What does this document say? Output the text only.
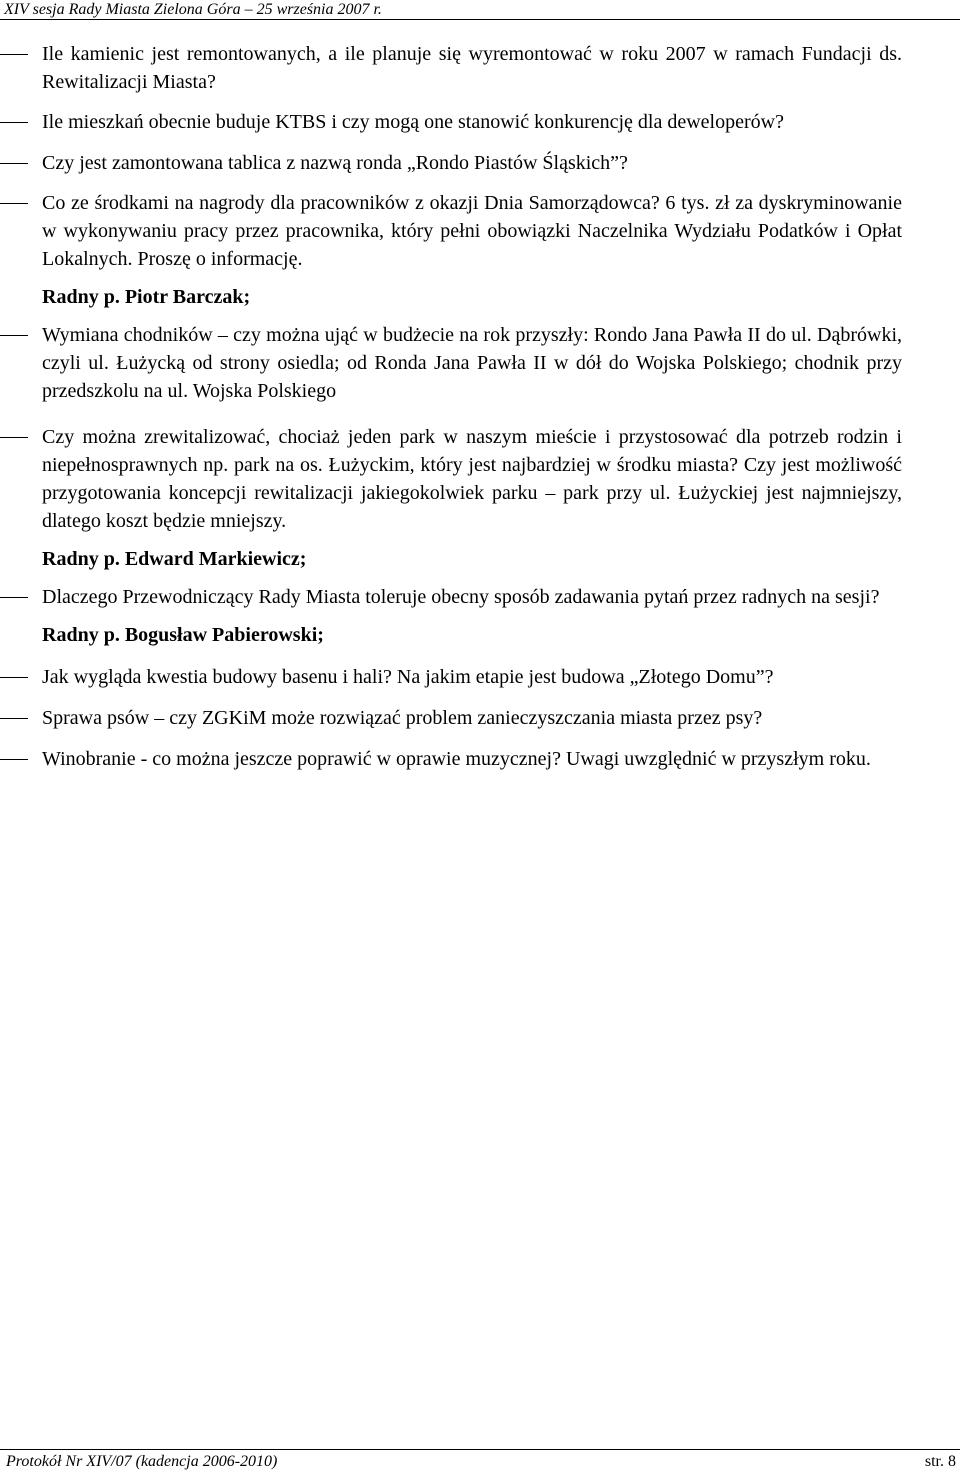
XIV sesja Rady Miasta Zielona Góra – 25 września 2007 r.
Ile kamienic jest remontowanych, a ile planuje się wyremontować w roku 2007 w ramach Fundacji ds. Rewitalizacji Miasta?
Ile mieszkań obecnie buduje KTBS i czy mogą one stanowić konkurencję dla deweloperów?
Czy jest zamontowana tablica z nazwą ronda „Rondo Piastów Śląskich”?
Co ze środkami na nagrody dla pracowników z okazji Dnia Samorządowca? 6 tys. zł za dyskryminowanie w wykonywaniu pracy przez pracownika, który pełni obowiązki Naczelnika Wydziału Podatków i Opłat Lokalnych. Proszę o informację.
Radny p. Piotr Barczak;
Wymiana chodników – czy można ująć w budżecie na rok przyszły: Rondo Jana Pawła II do ul. Dąbrówki, czyli ul. Łużycką od strony osiedla; od Ronda Jana Pawła II w dół do Wojska Polskiego; chodnik przy przedszkolu na ul. Wojska Polskiego
Czy można zrewitalizować, chociaż jeden park w naszym mieście i przystosować dla potrzeb rodzin i niepełnosprawnych np. park na os. Łużyckim, który jest najbardziej w środku miasta? Czy jest możliwość przygotowania koncepcji rewitalizacji jakiegokolwiek parku – park przy ul. Łużyckiej jest najmniejszy, dlatego koszt będzie mniejszy.
Radny p. Edward Markiewicz;
Dlaczego Przewodniczący Rady Miasta toleruje obecny sposób zadawania pytań przez radnych na sesji?
Radny p. Bogusław Pabierowski;
Jak wygląda kwestia budowy basenu i hali? Na jakim etapie jest budowa „Złotego Domu”?
Sprawa psów – czy ZGKiM może rozwiązać problem zanieczyszczania miasta przez psy?
Winobranie - co można jeszcze poprawić w oprawie muzycznej? Uwagi uwzględnić w przyszłym roku.
Protokół Nr XIV/07 (kadencja 2006-2010)	str. 8
